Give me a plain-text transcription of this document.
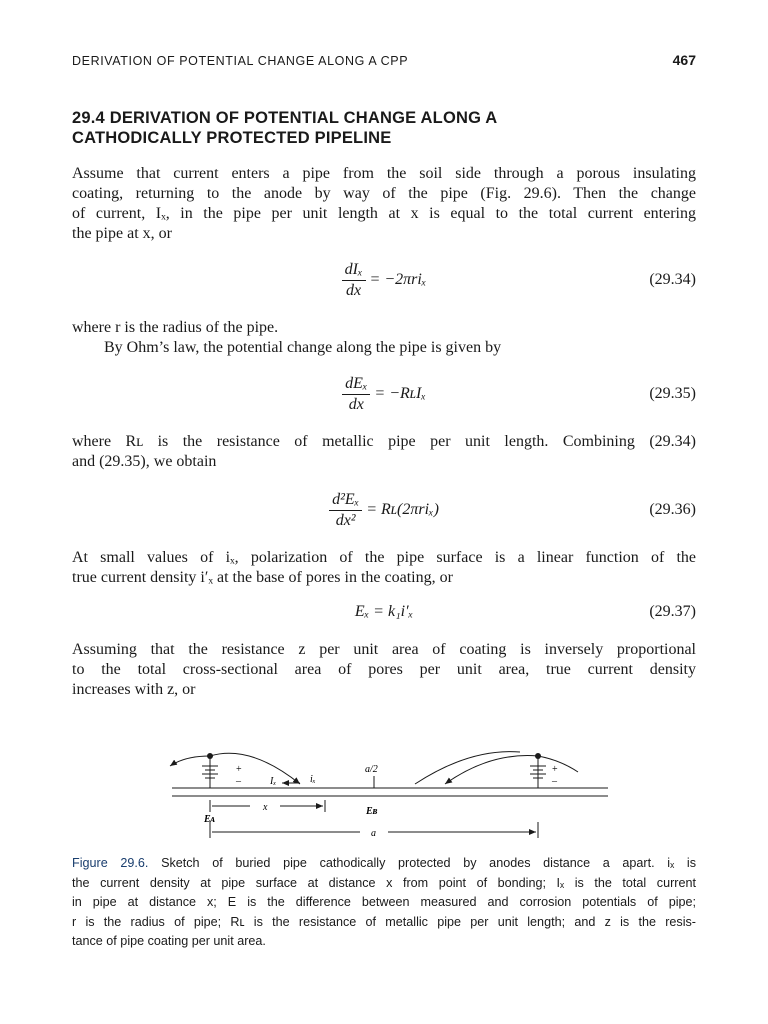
DERIVATION OF POTENTIAL CHANGE ALONG A CPP	467
29.4 DERIVATION OF POTENTIAL CHANGE ALONG A
CATHODICALLY PROTECTED PIPELINE

Assume that current enters a pipe from the soil side through a porous insulating
coating, returning to the anode by way of the pipe (Fig. 29.6). Then the change
of current, Iₓ, in the pipe per unit length at x is equal to the total current entering
the pipe at x, or

$\frac{\text{dIₓ}}{dx} = -2\pi ri_x$	(29.34)

where r is the radius of the pipe.
By Ohm’s law, the potential change along the pipe is given by

$\frac{\text{dEₓ}}{dx}$ = −RʟIₓ	(29.35)

where Rʟ is the resistance of metallic pipe per unit length. Combining (29.34)
and (29.35), we obtain

$\frac{\text{d²Eₓ}}{\text{dx²}}$ = Rʟ(2πriₓ)	(29.36)

At small values of iₓ, polarization of the pipe surface is a linear function of the
true current density i′ₓ at the base of pores in the coating, or

Eₓ = k₁i′ₓ	(29.37)

Assuming that the resistance z per unit area of coating is inversely proportional
to the total cross-sectional area of pores per unit area, true current density
increases with z, or

+
–
+
–
Iₓ	iₓ
a/2
x
Eᴀ
Eʙ
a
Figure 29.6. Sketch of buried pipe cathodically protected by anodes distance a apart. iₓ is
the current density at pipe surface at distance x from point of bonding; Iₓ is the total current
in pipe at distance x; E is the difference between measured and corrosion potentials of pipe;
r is the radius of pipe; Rʟ is the resistance of metallic pipe per unit length; and z is the resis-
tance of pipe coating per unit area.
